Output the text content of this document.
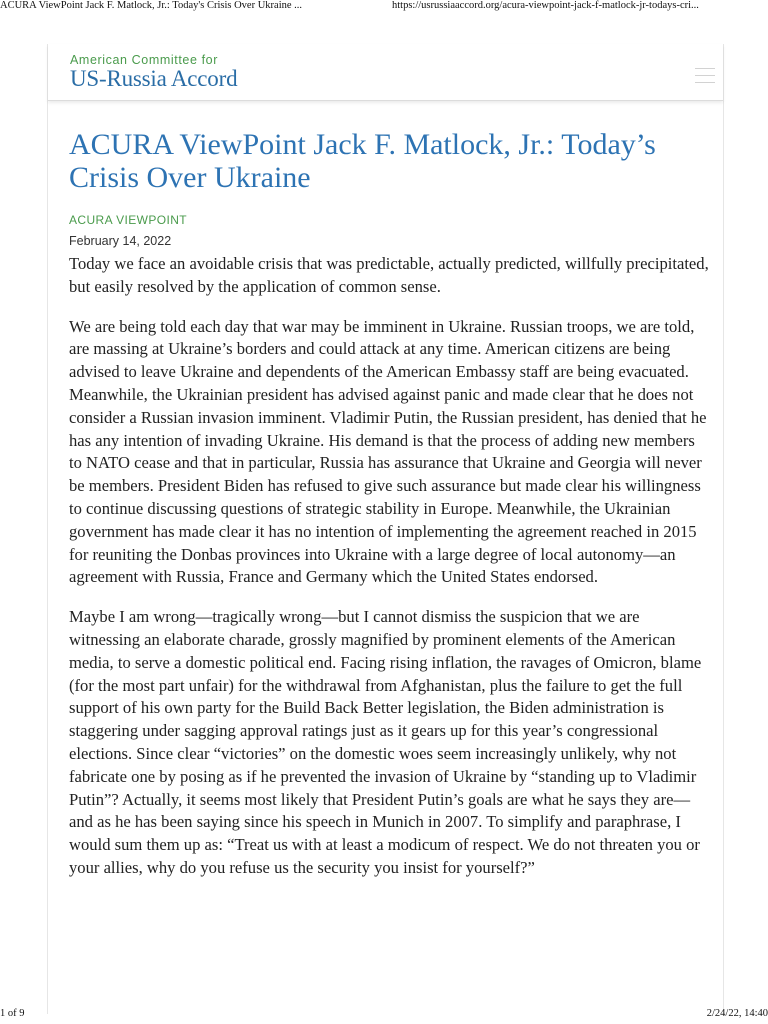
ACURA ViewPoint Jack F. Matlock, Jr.: Today's Crisis Over Ukraine ...	https://usrussiaaccord.org/acura-viewpoint-jack-f-matlock-jr-todays-cri...
American Committee for
US-Russia Accord
ACURA ViewPoint Jack F. Matlock, Jr.: Today’s Crisis Over Ukraine
ACURA VIEWPOINT
February 14, 2022

Today we face an avoidable crisis that was predictable, actually predicted, willfully precipitated, but easily resolved by the application of common sense.

We are being told each day that war may be imminent in Ukraine. Russian troops, we are told, are massing at Ukraine’s borders and could attack at any time. American citizens are being advised to leave Ukraine and dependents of the American Embassy staff are being evacuated. Meanwhile, the Ukrainian president has advised against panic and made clear that he does not consider a Russian invasion imminent. Vladimir Putin, the Russian president, has denied that he has any intention of invading Ukraine. His demand is that the process of adding new members to NATO cease and that in particular, Russia has assurance that Ukraine and Georgia will never be members. President Biden has refused to give such assurance but made clear his willingness to continue discussing questions of strategic stability in Europe. Meanwhile, the Ukrainian government has made clear it has no intention of implementing the agreement reached in 2015 for reuniting the Donbas provinces into Ukraine with a large degree of local autonomy—an agreement with Russia, France and Germany which the United States endorsed.

Maybe I am wrong—tragically wrong—but I cannot dismiss the suspicion that we are witnessing an elaborate charade, grossly magnified by prominent elements of the American media, to serve a domestic political end. Facing rising inflation, the ravages of Omicron, blame (for the most part unfair) for the withdrawal from Afghanistan, plus the failure to get the full support of his own party for the Build Back Better legislation, the Biden administration is staggering under sagging approval ratings just as it gears up for this year’s congressional elections. Since clear “victories” on the domestic woes seem increasingly unlikely, why not fabricate one by posing as if he prevented the invasion of Ukraine by “standing up to Vladimir Putin”? Actually, it seems most likely that President Putin’s goals are what he says they are—and as he has been saying since his speech in Munich in 2007. To simplify and paraphrase, I would sum them up as: “Treat us with at least a modicum of respect. We do not threaten you or your allies, why do you refuse us the security you insist for yourself?”

1 of 9	2/24/22, 14:40
